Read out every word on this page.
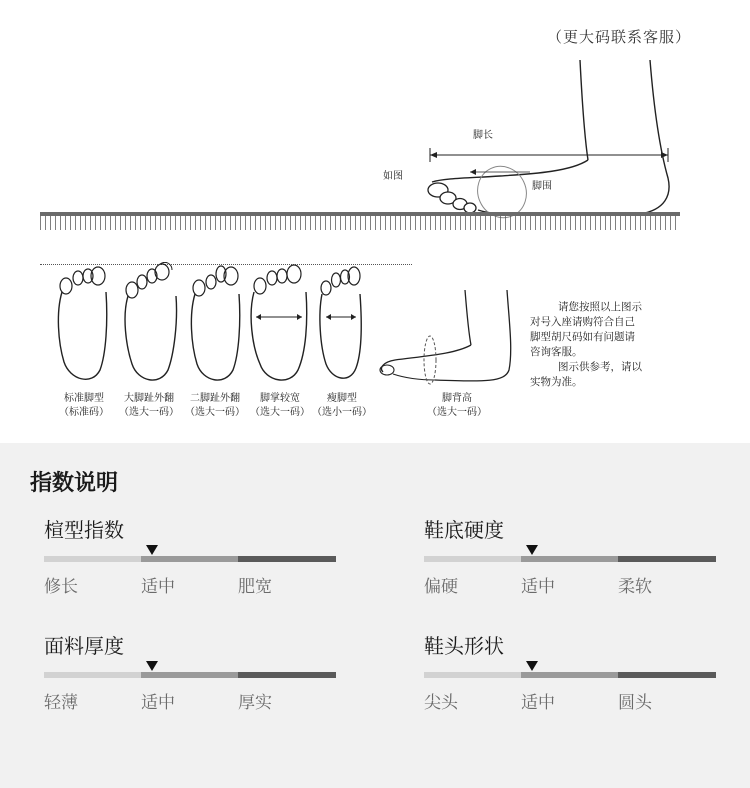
（更大码联系客服）
脚长
如图
脚围
标准脚型
（标准码）
大脚趾外翻
（选大一码）
二脚趾外翻
（选大一码）
脚掌较宽
（选大一码）
瘦脚型
（选小一码）
脚背高
（选大一码）
请您按照以上图示
对号入座请购符合自己
脚型胡尺码如有问题请
咨询客服。
图示供参考，请以
实物为准。
指数说明
楦型指数
修长	适中	肥宽
鞋底硬度
偏硬	适中	柔软
面料厚度
轻薄	适中	厚实
鞋头形状
尖头	适中	圆头
